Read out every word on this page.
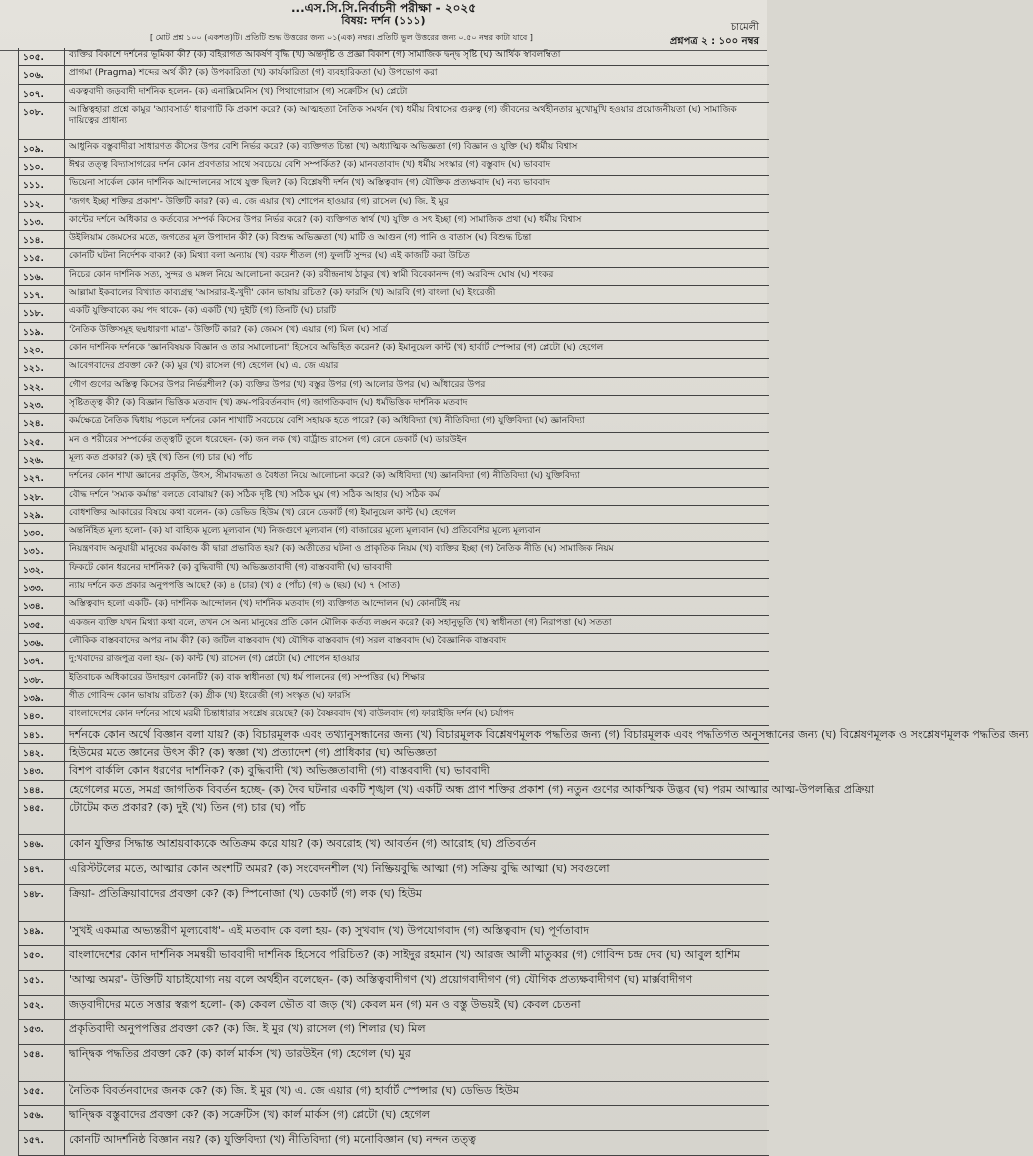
...এস.সি.সি.নির্বাচনী পরীক্ষা - ২০২৫
বিষয়: দর্শন (১১১)
চামেলী
[ মোট প্রশ্ন ১০০ (একশত)টি। প্রতিটি শুদ্ধ উত্তরের জন্য ০১(এক) নম্বর। প্রতিটি ভুল উত্তরের জন্য ০.৫০ নম্বর কাটা যাবে ]	প্রশ্নপত্র ২ : ১০০ নম্বর
১০৫.	ব্যক্তির বিকাশে দর্শনের ভূমিকা কী? (ক) বহিরাগত আকর্ষণ বৃদ্ধি (খ) অন্তর্দৃষ্টি ও প্রজ্ঞা বিকাশ (গ) সামাজিক দ্বন্দ্ব সৃষ্টি (ঘ) আর্থিক স্বাবলম্বিতা
১০৬.	প্রাগমা (Pragma) শব্দের অর্থ কী? (ক) উপকারিতা (খ) কার্যকারিতা (গ) ব্যবহারিকতা (ঘ) উপভোগ করা
১০৭.	একত্ববাদী জড়বাদী দার্শনিক হলেন- (ক) এনাক্সিমেনিস (খ) পিথাগোরাস (গ) সক্রেটিস (ঘ) প্লেটো
১০৮.	আস্তিত্বহারা প্রশ্নে কামুর 'অ্যাবসার্ড' ধারণাটি কি প্রকাশ করে? (ক) আত্মহত্যা নৈতিক সমর্থন (খ) ধর্মীয় বিশ্বাসের গুরুত্ব (গ) জীবনের অর্থহীনতার মুখোমুখি হওয়ার প্রয়োজনীয়তা (ঘ) সামাজিক দায়িত্বের প্রাধান্য
১০৯.	আধুনিক বস্তুবাদীরা সাধারণত কীসের উপর বেশি নির্ভর করে? (ক) ব্যক্তিগত চিন্তা (খ) অধ্যাত্মিক অভিজ্ঞতা (গ) বিজ্ঞান ও যুক্তি (ঘ) ধর্মীয় বিশ্বাস
১১০.	ঈশ্বর তত্ত্ব বিদ্যাসাগরের দর্শন কোন প্রবণতার সাথে সবচেয়ে বেশি সম্পর্কিত? (ক) মানবতাবাদ (খ) ধর্মীয় সংস্কার (গ) বস্তুবাদ (ঘ) ভাববাদ
১১১.	ভিয়েনা সার্কেল কোন দার্শনিক আন্দোলনের সাথে যুক্ত ছিল? (ক) বিশ্লেষণী দর্শন (খ) অস্তিত্ববাদ (গ) যৌক্তিক প্রত্যক্ষবাদ (ঘ) নব্য ভাববাদ
১১২.	'জগৎ ইচ্ছা শক্তির প্রকাশ'- উক্তিটি কার? (ক) এ. জে এয়ার (খ) শোপেন হাওয়ার (গ) রাসেল (ঘ) জি. ই মুর
১১৩.	কান্টের দর্শনে অধিকার ও কর্তব্যের সম্পর্ক কিসের উপর নির্ভর করে? (ক) ব্যক্তিগত স্বার্থ (খ) যুক্তি ও সৎ ইচ্ছা (গ) সামাজিক প্রথা (ঘ) ধর্মীয় বিশ্বাস
১১৪.	উইলিয়াম জেমসের মতে, জগতের মূল উপাদান কী? (ক) বিশুদ্ধ অভিজ্ঞতা (খ) মাটি ও আগুন (গ) পানি ও বাতাস (ঘ) বিশুদ্ধ চিন্তা
১১৫.	কোনটি ঘটনা নির্দেশক বাক্য? (ক) মিথ্যা বলা অন্যায় (খ) বরফ শীতল (গ) ফুলটি সুন্দর (ঘ) এই কাজটি করা উচিত
১১৬.	নিচের কোন দার্শনিক সত্য, সুন্দর ও মঙ্গল নিয়ে আলোচনা করেন? (ক) রবীন্দ্রনাথ ঠাকুর (খ) স্বামী বিবেকানন্দ (গ) অরবিন্দ ঘোষ (ঘ) শংকর
১১৭.	আল্লামা ইকবালের বিখ্যাত কাব্যগ্রন্থ 'আসরার-ই-খুদী' কোন ভাষায় রচিত? (ক) ফারসি (খ) আরবি (গ) বাংলা (ঘ) ইংরেজী
১১৮.	একটি যুক্তিবাক্যে কয় পদ থাকে- (ক) একটি (খ) দুইটি (গ) তিনটি (ঘ) চারটি
১১৯.	'নৈতিক উক্তিসমূহ ছদ্মধারণা মাত্র'- উক্তিটি কার? (ক) জেমস (খ) এয়ার (গ) মিল (ঘ) সার্ত্র
১২০.	কোন দার্শনিক দর্শনকে 'জ্ঞানবিষয়ক বিজ্ঞান ও তার সমালোচনা' হিসেবে অভিহিত করেন? (ক) ইমানুয়েল কান্ট (খ) হার্বার্ট স্পেন্সার (গ) প্লেটো (ঘ) হেগেল
১২১.	আবেগবাদের প্রবক্তা কে? (ক) মুর (খ) রাসেল (গ) হেগেল (ঘ) এ. জে এয়ার
১২২.	গৌণ গুণের অস্তিত্ব কিসের উপর নির্ভরশীল? (ক) ব্যক্তির উপর (খ) বস্তুর উপর (গ) আলোর উপর (ঘ) আঁধারের উপর
১২৩.	সৃষ্টিতত্ত্ব কী? (ক) বিজ্ঞান ভিত্তিক মতবাদ (খ) ক্রম-পরিবর্তনবাদ (গ) জাগতিকবাদ (ঘ) ধর্মভিত্তিক দার্শনিক মতবাদ
১২৪.	কর্মক্ষেত্রে নৈতিক দ্বিধায় পড়লে দর্শনের কোন শাখাটি সবচেয়ে বেশি সহায়ক হতে পারে? (ক) অধিবিদ্যা (খ) নীতিবিদ্যা (গ) যুক্তিবিদ্যা (ঘ) জ্ঞানবিদ্যা
১২৫.	মন ও শরীরের সম্পর্কের তত্ত্বটি তুলে ধরেছেন- (ক) জন লক (খ) বার্ট্রান্ড রাসেল (গ) রেনে ডেকার্ট (ঘ) ডারউইন
১২৬.	মূল্য কত প্রকার? (ক) দুই (খ) তিন (গ) চার (ঘ) পাঁচ
১২৭.	দর্শনের কোন শাখা জ্ঞানের প্রকৃতি, উৎস, সীমাবদ্ধতা ও বৈধতা নিয়ে আলোচনা করে? (ক) অধিবিদ্যা (খ) জ্ঞানবিদ্যা (গ) নীতিবিদ্যা (ঘ) যুক্তিবিদ্যা
১২৮.	বৌদ্ধ দর্শনে 'সম্যক কর্মান্ত' বলতে বোঝায়? (ক) সঠিক দৃষ্টি (খ) সঠিক ঘুম (গ) সঠিক আহার (ঘ) সঠিক কর্ম
১২৯.	বোধশক্তির আকারের বিষয়ে কথা বলেন- (ক) ডেভিড হিউম (খ) রেনে ডেকার্ট (গ) ইমানুয়েল কান্ট (ঘ) হেগেল
১৩০.	অন্তর্নিহিত মূল্য হলো- (ক) যা বাহ্যিক মূল্যে মূল্যবান (খ) নিজগুণে মূল্যবান (গ) বাজারের মূল্যে মূল্যবান (ঘ) প্রতিবেশির মূল্যে মূল্যবান
১৩১.	নিয়ন্ত্রণবাদ অনুযায়ী মানুষের কর্মকাণ্ড কী দ্বারা প্রভাবিত হয়? (ক) অতীতের ঘটনা ও প্রাকৃতিক নিয়ম (খ) ব্যক্তির ইচ্ছা (গ) নৈতিক নীতি (ঘ) সামাজিক নিয়ম
১৩২.	ফিকটে কোন ধরনের দার্শনিক? (ক) বুদ্ধিবাদী (খ) অভিজ্ঞতাবাদী (গ) বাস্তববাদী (ঘ) ভাববাদী
১৩৩.	ন্যায় দর্শনে কত প্রকার অনুপপত্তি আছে? (ক) ৪ (চার) (খ) ৫ (পাঁচ) (গ) ৬ (ছয়) (ঘ) ৭ (সাত)
১৩৪.	অস্তিত্ববাদ হলো একটি- (ক) দার্শনিক আন্দোলন (খ) দার্শনিক মতবাদ (গ) ব্যক্তিগত আন্দোলন (ঘ) কোনটিই নয়
১৩৫.	একজন ব্যক্তি যখন মিথ্যা কথা বলে, তখন সে অন্য মানুষের প্রতি কোন মৌলিক কর্তব্য লঙ্ঘন করে? (ক) সহানুভূতি (খ) স্বাধীনতা (গ) নিরাপত্তা (ঘ) সততা
১৩৬.	লৌকিক বাস্তববাদের অপর নাম কী? (ক) জটিল বাস্তববাদ (খ) যৌগিক বাস্তববাদ (গ) সরল বাস্তববাদ (ঘ) বৈজ্ঞানিক বাস্তববাদ
১৩৭.	দু:খবাদের রাজপুত্র বলা হয়- (ক) কান্ট (খ) রাসেল (গ) প্লেটো (ঘ) শোপেন হাওয়ার
১৩৮.	ইতিবাচক অধিকারের উদাহরণ কোনটি? (ক) বাক স্বাধীনতা (খ) ধর্ম পালনের (গ) সম্পত্তির (ঘ) শিক্ষার
১৩৯.	গীত গোবিন্দ কোন ভাষায় রচিত? (ক) গ্রীক (খ) ইংরেজী (গ) সংস্কৃত (ঘ) ফারসি
১৪০.	বাংলাদেশের কোন দর্শনের সাথে মরমী চিন্তাধারার সংশ্লেষ রয়েছে? (ক) বৈষ্ণববাদ (খ) বাউলবাদ (গ) ফারাইজি দর্শন (ঘ) চর্যাপদ
১৪১.	দর্শনকে কোন অর্থে বিজ্ঞান বলা যায়? (ক) বিচারমূলক এবং তথ্যানুসন্ধানের জন্য (খ) বিচারমূলক বিশ্লেষণমূলক পদ্ধতির জন্য (গ) বিচারমূলক এবং পদ্ধতিগত অনুসন্ধানের জন্য (ঘ) বিশ্লেষণমূলক ও সংশ্লেষণমূলক পদ্ধতির জন্য
১৪২.	হিউমের মতে জ্ঞানের উৎস কী? (ক) স্বজ্ঞা (খ) প্রত্যাদেশ (গ) প্রাধিকার (ঘ) অভিজ্ঞতা
১৪৩.	বিশপ বার্কলি কোন ধরণের দার্শনিক? (ক) বুদ্ধিবাদী (খ) অভিজ্ঞতাবাদী (গ) বাস্তববাদী (ঘ) ভাববাদী
১৪৪.	হেগেলের মতে, সমগ্র জাগতিক বিবর্তন হচ্ছে- (ক) দৈব ঘটনার একটি শৃঙ্খল (খ) একটি অন্ধ প্রাণ শক্তির প্রকাশ (গ) নতুন গুণের আকস্মিক উদ্ভব (ঘ) পরম আত্মার আত্ম-উপলব্ধির প্রক্রিয়া
১৪৫.	টোটেম কত প্রকার? (ক) দুই (খ) তিন (গ) চার (ঘ) পাঁচ
১৪৬.	কোন যুক্তির সিদ্ধান্ত আশ্রয়বাক্যকে অতিক্রম করে যায়? (ক) অবরোহ (খ) আবর্তন (গ) আরোহ (ঘ) প্রতিবর্তন
১৪৭.	এরিস্টটলের মতে, আত্মার কোন অংশটি অমর? (ক) সংবেদনশীল (খ) নিষ্ক্রিয়বুদ্ধি আত্মা (গ) সক্রিয় বুদ্ধি আত্মা (ঘ) সবগুলো
১৪৮.	ক্রিয়া- প্রতিক্রিয়াবাদের প্রবক্তা কে? (ক) স্পিনোজা (খ) ডেকার্ট (গ) লক (ঘ) হিউম
১৪৯.	'সুখই একমাত্র অভ্যন্তরীণ মূল্যবোধ'- এই মতবাদ কে বলা হয়- (ক) সুখবাদ (খ) উপযোগবাদ (গ) অস্তিত্ববাদ (ঘ) পূর্ণতাবাদ
১৫০.	বাংলাদেশের কোন দার্শনিক সমন্বয়ী ভাববাদী দার্শনিক হিসেবে পরিচিত? (ক) সাইদুর রহমান (খ) আরজ আলী মাতুব্বর (গ) গোবিন্দ চন্দ্র দেব (ঘ) আবুল হাশিম
১৫১.	'আত্ম অমর'- উক্তিটি যাচাইযোগ্য নয় বলে অর্থহীন বলেছেন- (ক) অস্তিত্ববাদীগণ (খ) প্রয়োগবাদীগণ (গ) যৌগিক প্রত্যক্ষবাদীগণ (ঘ) মার্ক্সবাদীগণ
১৫২.	জড়বাদীদের মতে সত্তার স্বরূপ হলো- (ক) কেবল ভৌত বা জড় (খ) কেবল মন (গ) মন ও বস্তু উভয়ই (ঘ) কেবল চেতনা
১৫৩.	প্রকৃতিবাদী অনুপপত্তির প্রবক্তা কে? (ক) জি. ই মুর (খ) রাসেল (গ) শিলার (ঘ) মিল
১৫৪.	দ্বান্দ্বিক পদ্ধতির প্রবক্তা কে? (ক) কার্ল মার্কস (খ) ডারউইন (গ) হেগেল (ঘ) মুর
১৫৫.	নৈতিক বিবর্তনবাদের জনক কে? (ক) জি. ই মুর (খ) এ. জে এয়ার (গ) হার্বার্ট স্পেন্সার (ঘ) ডেভিড হিউম
১৫৬.	দ্বান্দ্বিক বস্তুবাদের প্রবক্তা কে? (ক) সক্রেটিস (খ) কার্ল মার্কস (গ) প্লেটো (ঘ) হেগেল
১৫৭.	কোনটি আদর্শনিষ্ঠ বিজ্ঞান নয়? (ক) যুক্তিবিদ্যা (খ) নীতিবিদ্যা (গ) মনোবিজ্ঞান (ঘ) নন্দন তত্ত্ব
